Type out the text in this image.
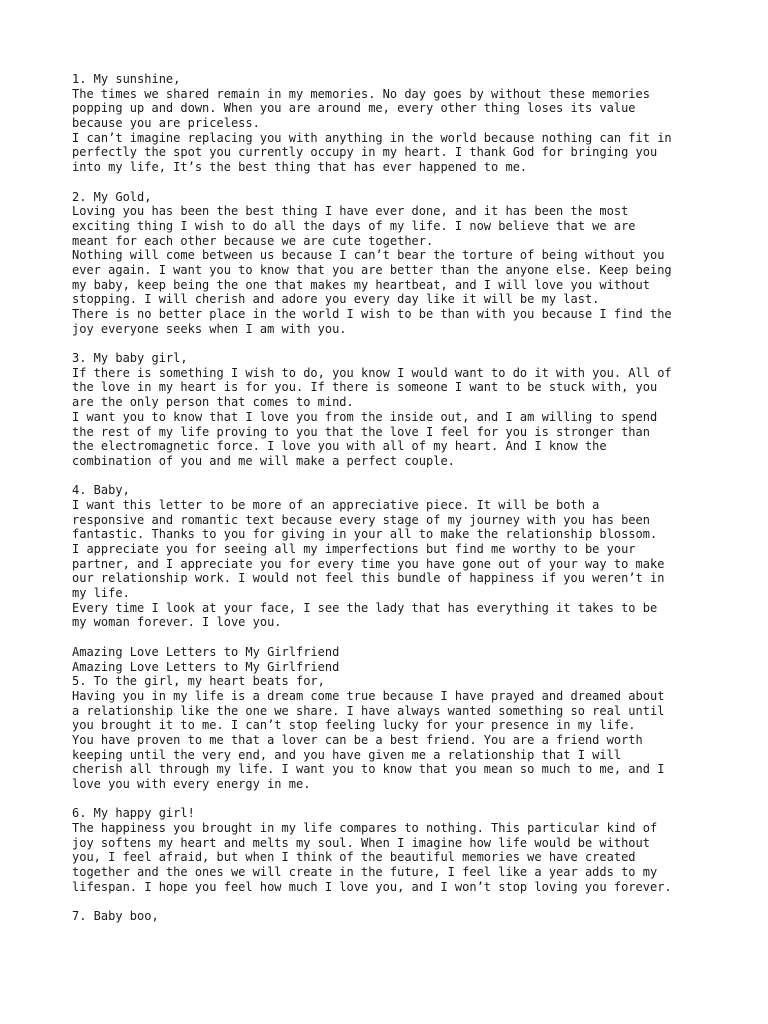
1. My sunshine,
The times we shared remain in my memories. No day goes by without these memories
popping up and down. When you are around me, every other thing loses its value
because you are priceless.
I can’t imagine replacing you with anything in the world because nothing can fit in
perfectly the spot you currently occupy in my heart. I thank God for bringing you
into my life, It’s the best thing that has ever happened to me.
2. My Gold,
Loving you has been the best thing I have ever done, and it has been the most
exciting thing I wish to do all the days of my life. I now believe that we are
meant for each other because we are cute together.
Nothing will come between us because I can’t bear the torture of being without you
ever again. I want you to know that you are better than the anyone else. Keep being
my baby, keep being the one that makes my heartbeat, and I will love you without
stopping. I will cherish and adore you every day like it will be my last.
There is no better place in the world I wish to be than with you because I find the
joy everyone seeks when I am with you.
3. My baby girl,
If there is something I wish to do, you know I would want to do it with you. All of
the love in my heart is for you. If there is someone I want to be stuck with, you
are the only person that comes to mind.
I want you to know that I love you from the inside out, and I am willing to spend
the rest of my life proving to you that the love I feel for you is stronger than
the electromagnetic force. I love you with all of my heart. And I know the
combination of you and me will make a perfect couple.
4. Baby,
I want this letter to be more of an appreciative piece. It will be both a
responsive and romantic text because every stage of my journey with you has been
fantastic. Thanks to you for giving in your all to make the relationship blossom.
I appreciate you for seeing all my imperfections but find me worthy to be your
partner, and I appreciate you for every time you have gone out of your way to make
our relationship work. I would not feel this bundle of happiness if you weren’t in
my life.
Every time I look at your face, I see the lady that has everything it takes to be
my woman forever. I love you.
Amazing Love Letters to My Girlfriend
Amazing Love Letters to My Girlfriend
5. To the girl, my heart beats for,
Having you in my life is a dream come true because I have prayed and dreamed about
a relationship like the one we share. I have always wanted something so real until
you brought it to me. I can’t stop feeling lucky for your presence in my life.
You have proven to me that a lover can be a best friend. You are a friend worth
keeping until the very end, and you have given me a relationship that I will
cherish all through my life. I want you to know that you mean so much to me, and I
love you with every energy in me.
6. My happy girl!
The happiness you brought in my life compares to nothing. This particular kind of
joy softens my heart and melts my soul. When I imagine how life would be without
you, I feel afraid, but when I think of the beautiful memories we have created
together and the ones we will create in the future, I feel like a year adds to my
lifespan. I hope you feel how much I love you, and I won’t stop loving you forever.
7. Baby boo,
